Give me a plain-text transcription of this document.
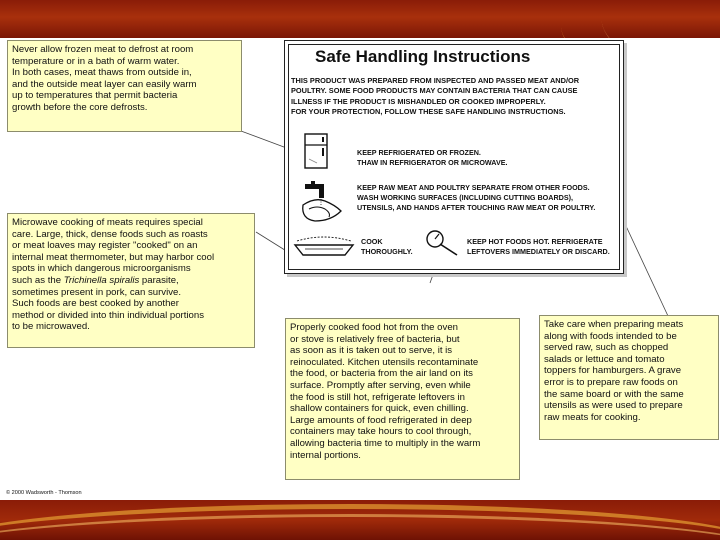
Never allow frozen meat to defrost at room
temperature or in a bath of warm water.
In both cases, meat thaws from outside in,
and the outside meat layer can easily warm
up to temperatures that permit bacteria
growth before the core defrosts.
Microwave cooking of meats requires special
care. Large, thick, dense foods such as roasts
or meat loaves may register "cooked" on an
internal meat thermometer, but may harbor cool
spots in which dangerous microorganisms
such as the Trichinella spiralis parasite,
sometimes present in pork, can survive.
Such foods are best cooked by another
method or divided into thin individual portions
to be microwaved.
Safe Handling Instructions
THIS PRODUCT WAS PREPARED FROM INSPECTED AND PASSED MEAT AND/OR
POULTRY. SOME FOOD PRODUCTS MAY CONTAIN BACTERIA THAT CAN CAUSE
ILLNESS IF THE PRODUCT IS MISHANDLED OR COOKED IMPROPERLY.
FOR YOUR PROTECTION, FOLLOW THESE SAFE HANDLING INSTRUCTIONS.
KEEP REFRIGERATED OR FROZEN.
THAW IN REFRIGERATOR OR MICROWAVE.
KEEP RAW MEAT AND POULTRY SEPARATE FROM OTHER FOODS.
WASH WORKING SURFACES (INCLUDING CUTTING BOARDS),
UTENSILS, AND HANDS AFTER TOUCHING RAW MEAT OR POULTRY.
COOK
THOROUGHLY.
KEEP HOT FOODS HOT. REFRIGERATE
LEFTOVERS IMMEDIATELY OR DISCARD.
Properly cooked food hot from the oven
or stove is relatively free of bacteria, but
as soon as it is taken out to serve, it is
reinoculated. Kitchen utensils recontaminate
the food, or bacteria from the air land on its
surface. Promptly after serving, even while
the food is still hot, refrigerate leftovers in
shallow containers for quick, even chilling.
Large amounts of food refrigerated in deep
containers may take hours to cool through,
allowing bacteria time to multiply in the warm
internal portions.
Take care when preparing meats
along with foods intended to be
served raw, such as chopped
salads or lettuce and tomato
toppers for hamburgers. A grave
error is to prepare raw foods on
the same board or with the same
utensils as were used to prepare
raw meats for cooking.
© 2000 Wadsworth - Thomson
